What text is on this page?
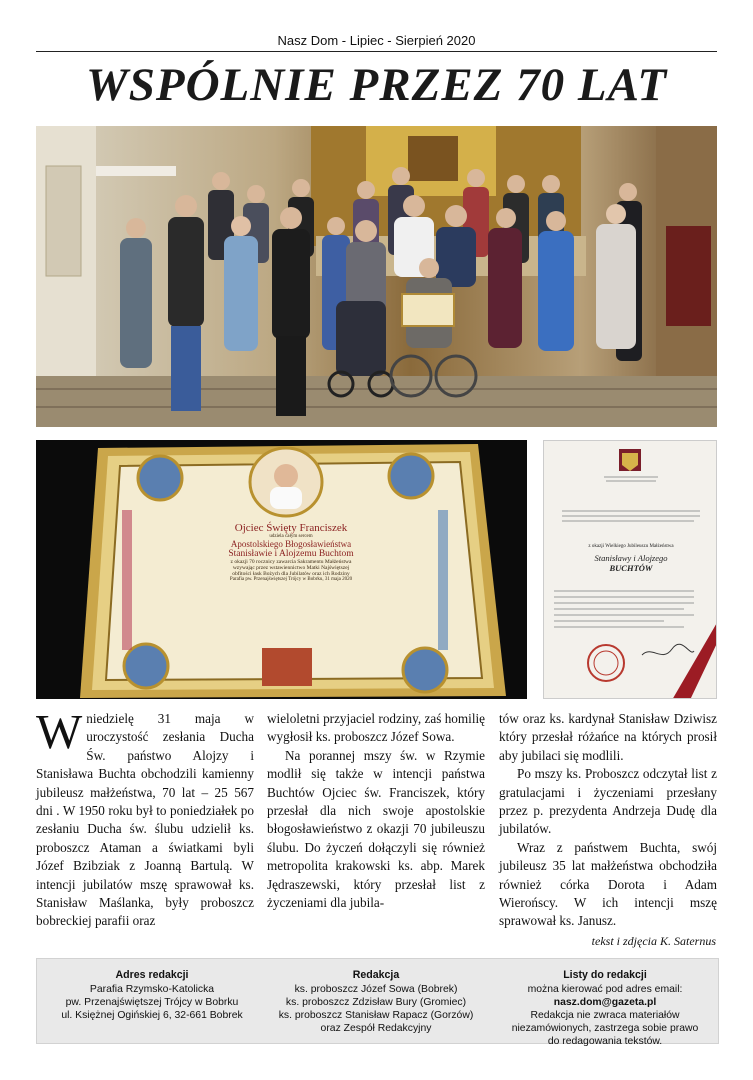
Nasz Dom - Lipiec - Sierpień 2020
WSPÓLNIE PRZEZ 70 LAT
Ojciec Święty Franciszek
udziela całym sercem
Apostolskiego Błogosławieństwa
Stanisławie i Alojzemu Buchtom
z okazji 70 rocznicy zawarcia Sakramentu Małżeństwa
wzywając przez wstawiennictwo Matki Najświętszej
obfitości łask Bożych dla Jubilatów oraz ich Rodziny
Parafia pw. Przenajświętszej Trójcy w Bobrku, 31 maja 2020
z okazji Wielkiego Jubileuszu Małżeństwa
Stanisławy i Alojzego
BUCHTÓW

Wniedzielę 31 maja w uroczystość zesłania Ducha Św. państwo Alojzy i Stanisława Buchta obchodzili kamienny jubileusz małżeństwa, 70 lat – 25 567 dni . W 1950 roku był to poniedziałek po zesłaniu Ducha św. ślubu udzielił ks. proboszcz Ataman a światkami byli Józef Bzibziak z Joanną Bartulą. W intencji jubilatów mszę sprawował ks. Stanisław Maślanka, były proboszcz bobreckiej parafii oraz

wieloletni przyjaciel rodziny, zaś homilię wygłosił ks. proboszcz Józef Sowa.

Na porannej mszy św. w Rzymie modlił się także w intencji państwa Buchtów Ojciec św. Franciszek, który przesłał dla nich swoje apostolskie błogosławieństwo z okazji 70 jubileuszu ślubu. Do życzeń dołączyli się również metropolita krakowski ks. abp. Marek Jędraszewski, który przesłał list z życzeniami dla jubila-

tów oraz ks. kardynał Stanisław Dziwisz który przesłał różańce na których prosił aby jubilaci się modlili.

Po mszy ks. Proboszcz odczytał list z gratulacjami i życzeniami przesłany przez p. prezydenta Andrzeja Dudę dla jubilatów.

Wraz z państwem Buchta, swój jubileusz 35 lat małżeństwa obchodziła również córka Dorota i Adam Wierońscy. W ich intencji mszę sprawował ks. Janusz.

tekst i zdjęcia K. Saternus
Adres redakcji
Parafia Rzymsko-Katolicka
pw. Przenajświętszej Trójcy w Bobrku
ul. Księżnej Ogińskiej 6, 32-661 Bobrek
Redakcja
ks. proboszcz Józef Sowa (Bobrek)
ks. proboszcz Zdzisław Bury (Gromiec)
ks. proboszcz Stanisław Rapacz (Gorzów)
oraz Zespół Redakcyjny
Listy do redakcji
można kierować pod adres email:
nasz.dom@gazeta.pl
Redakcja nie zwraca materiałów
niezamówionych, zastrzega sobie prawo
do redagowania tekstów.
